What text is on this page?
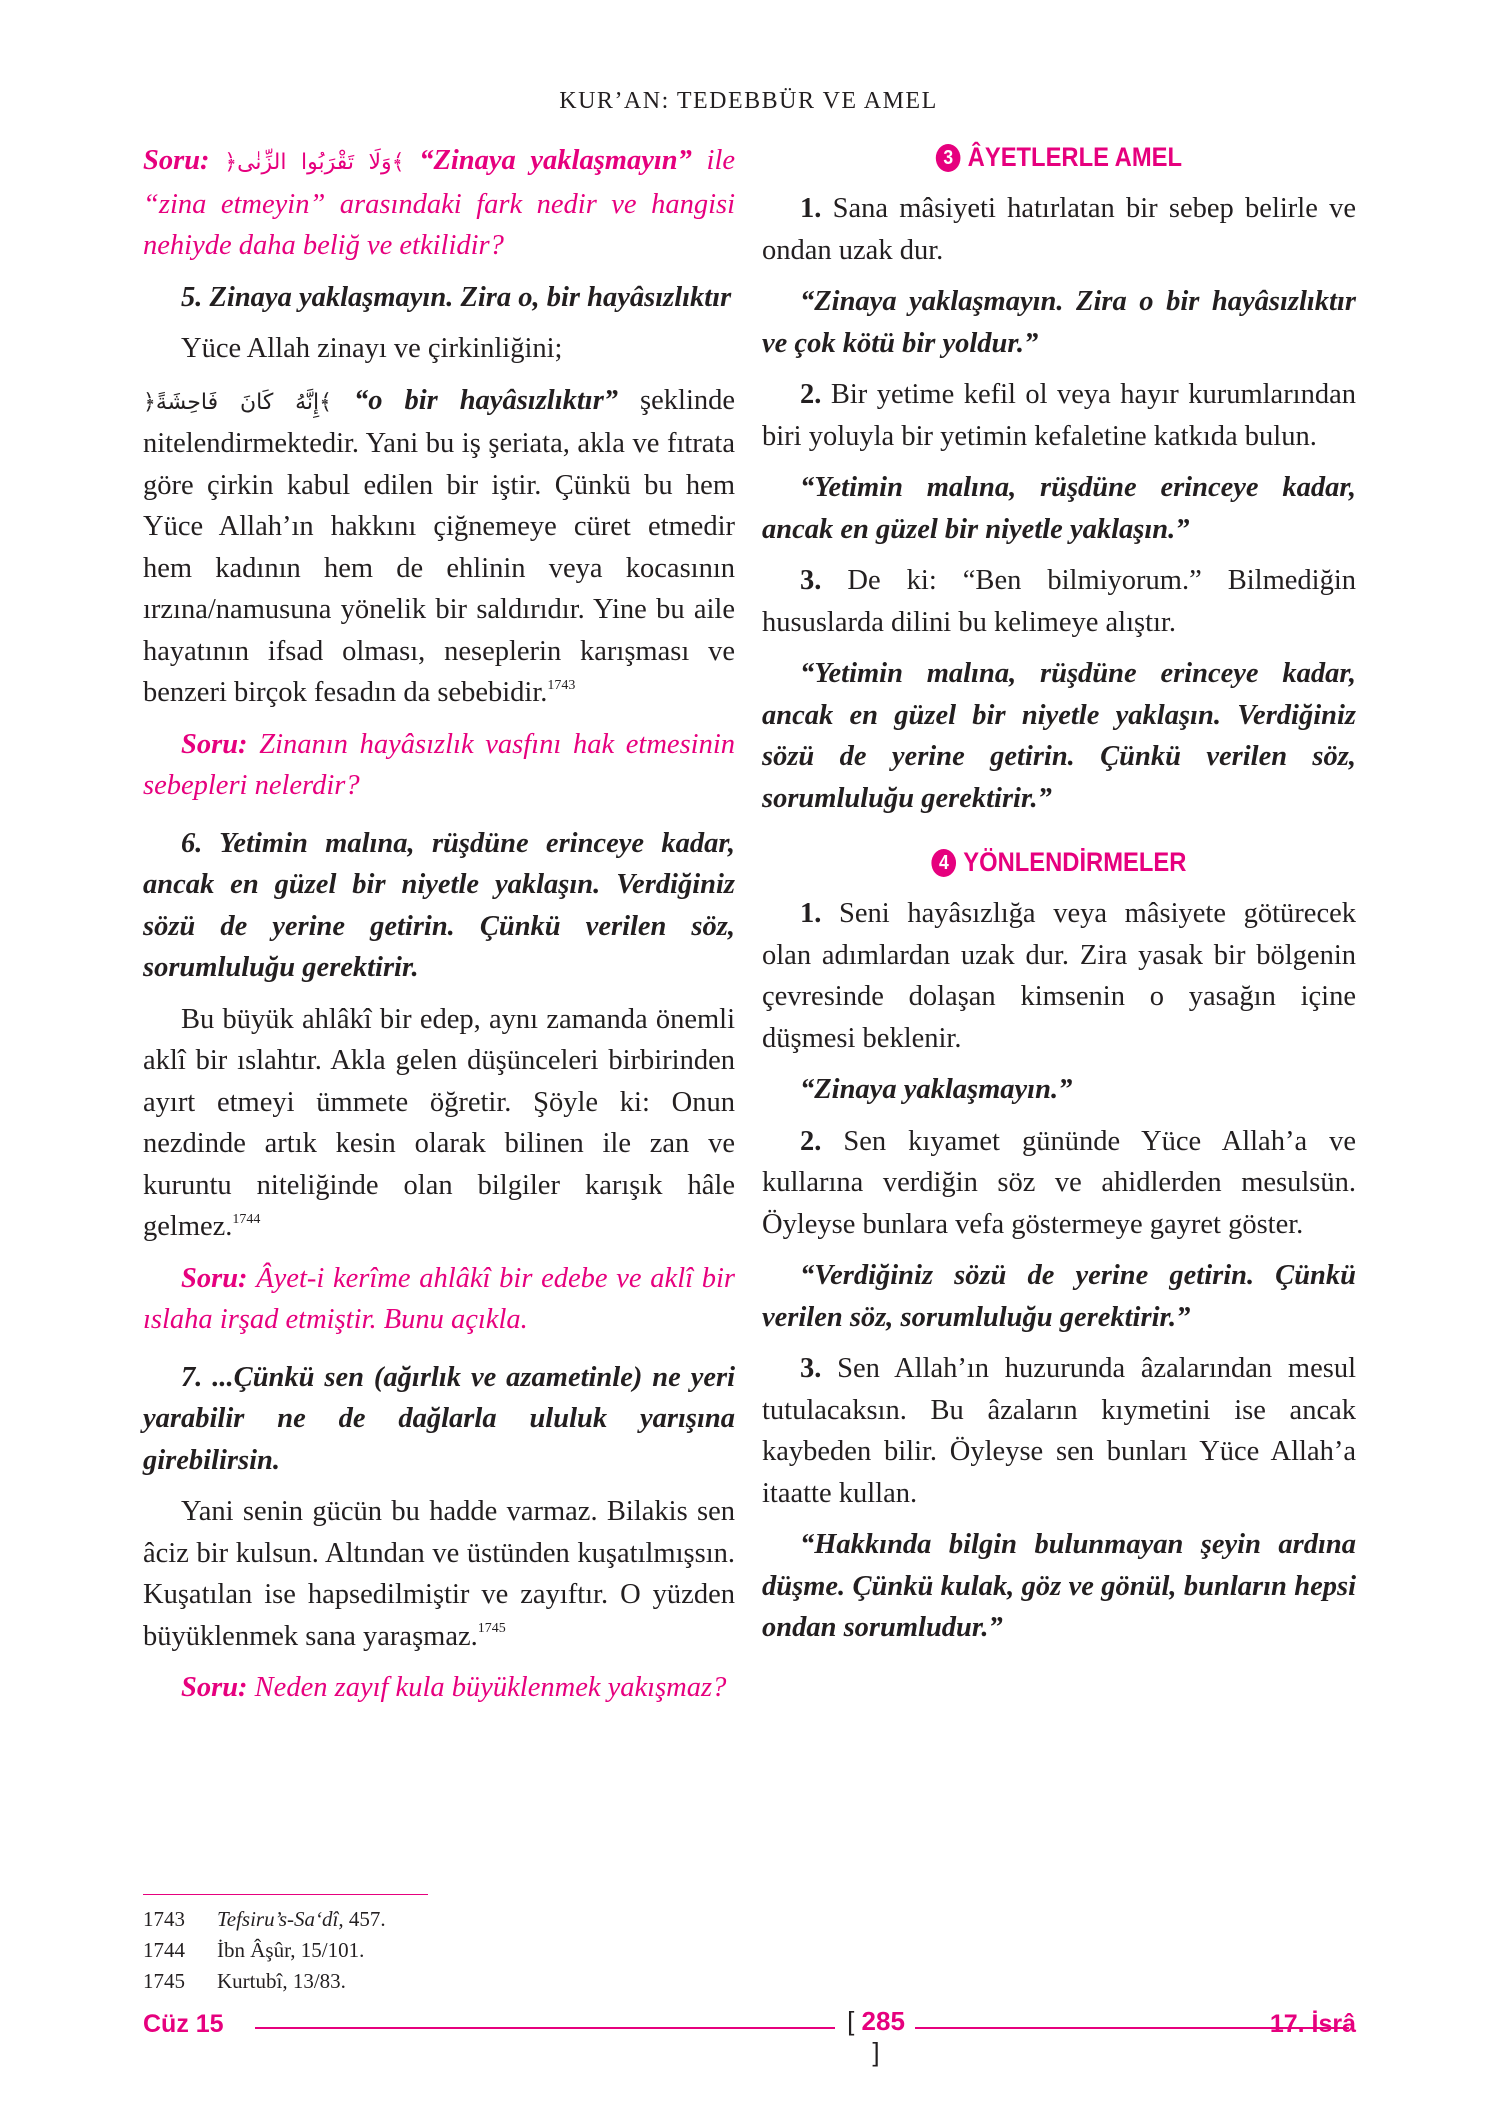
KUR’AN: TEDEBBÜR VE AMEL

Soru: ﴿وَلَا تَقْرَبُوا الزِّنٰى﴾ “Zinaya yaklaşmayın” ile “zina etmeyin” arasındaki fark nedir ve hangisi nehiyde daha beliğ ve etkilidir?

5. Zinaya yaklaşmayın. Zira o, bir hayâsızlıktır

Yüce Allah zinayı ve çirkinliğini;

﴿إِنَّهُ كَانَ فَاحِشَةً﴾ “o bir hayâsızlıktır” şeklinde nitelendirmektedir. Yani bu iş şeriata, akla ve fıtrata göre çirkin kabul edilen bir iştir. Çünkü bu hem Yüce Allah’ın hakkını çiğnemeye cüret etmedir hem kadının hem de ehlinin veya kocasının ırzına/namusuna yönelik bir saldırıdır. Yine bu aile hayatının ifsad olması, neseplerin karışması ve benzeri birçok fesadın da sebebidir.$^{1743}$

Soru: Zinanın hayâsızlık vasfını hak etmesinin sebepleri nelerdir?

6. Yetimin malına, rüşdüne erinceye kadar, ancak en güzel bir niyetle yaklaşın. Verdiğiniz sözü de yerine getirin. Çünkü verilen söz, sorumluluğu gerektirir.

Bu büyük ahlâkî bir edep, aynı zamanda önemli aklî bir ıslahtır. Akla gelen düşünceleri birbirinden ayırt etmeyi ümmete öğretir. Şöyle ki: Onun nezdinde artık kesin olarak bilinen ile zan ve kuruntu niteliğinde olan bilgiler karışık hâle gelmez.$^{1744}$

Soru: Âyet-i kerîme ahlâkî bir edebe ve aklî bir ıslaha irşad etmiştir. Bunu açıkla.

7. ...Çünkü sen (ağırlık ve azametinle) ne yeri yarabilir ne de dağlarla ululuk yarışına girebilirsin.

Yani senin gücün bu hadde varmaz. Bilakis sen âciz bir kulsun. Altından ve üstünden kuşatılmışsın. Kuşatılan ise hapsedilmiştir ve zayıftır. O yüzden büyüklenmek sana yaraşmaz.$^{1745}$

Soru: Neden zayıf kula büyüklenmek yakışmaz?

3 ÂYETLERLE AMEL

1. Sana mâsiyeti hatırlatan bir sebep belirle ve ondan uzak dur.

“Zinaya yaklaşmayın. Zira o bir hayâsızlıktır ve çok kötü bir yoldur.”

2. Bir yetime kefil ol veya hayır kurumlarından biri yoluyla bir yetimin kefaletine katkıda bulun.

“Yetimin malına, rüşdüne erinceye kadar, ancak en güzel bir niyetle yaklaşın.”

3. De ki: “Ben bilmiyorum.” Bilmediğin hususlarda dilini bu kelimeye alıştır.

“Yetimin malına, rüşdüne erinceye kadar, ancak en güzel bir niyetle yaklaşın. Verdiğiniz sözü de yerine getirin. Çünkü verilen söz, sorumluluğu gerektirir.”

4 YÖNLENDİRMELER

1. Seni hayâsızlığa veya mâsiyete götürecek olan adımlardan uzak dur. Zira yasak bir bölgenin çevresinde dolaşan kimsenin o yasağın içine düşmesi beklenir.

“Zinaya yaklaşmayın.”

2. Sen kıyamet gününde Yüce Allah’a ve kullarına verdiğin söz ve ahidlerden mesulsün. Öyleyse bunlara vefa göstermeye gayret göster.

“Verdiğiniz sözü de yerine getirin. Çünkü verilen söz, sorumluluğu gerektirir.”

3. Sen Allah’ın huzurunda âzalarından mesul tutulacaksın. Bu âzaların kıymetini ise ancak kaybeden bilir. Öyleyse sen bunları Yüce Allah’a itaatte kullan.

“Hakkında bilgin bulunmayan şeyin ardına düşme. Çünkü kulak, göz ve gönül, bunların hepsi ondan sorumludur.”

1743	Tefsiru’s-Sa‘dî, 457.
1744	İbn Âşûr, 15/101.
1745	Kurtubî, 13/83.
Cüz 15	[ 285 ]
17. İsrâ
